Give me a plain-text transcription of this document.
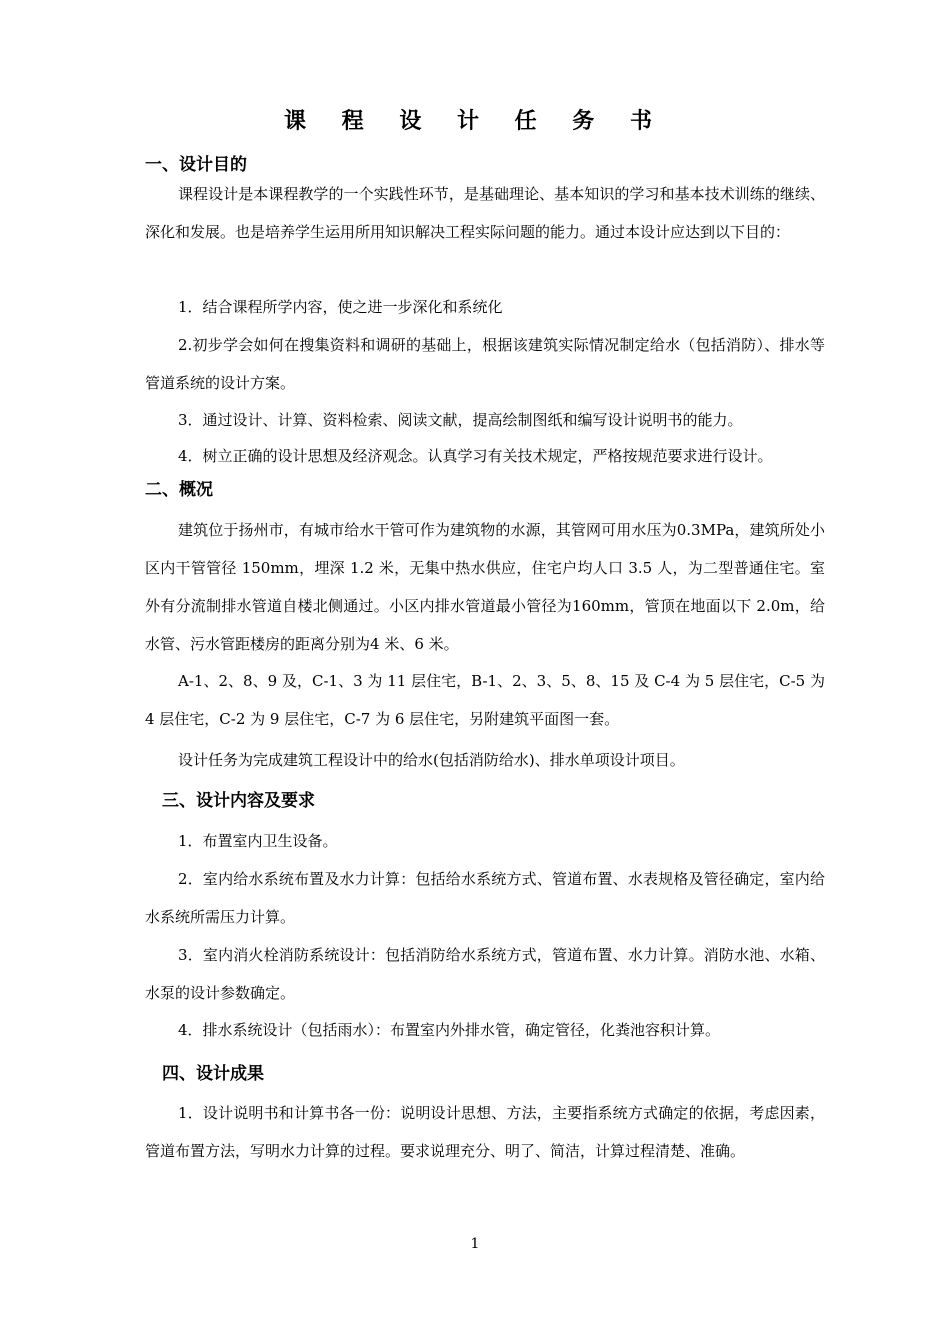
课 程 设 计 任 务 书
一、设计目的
课程设计是本课程教学的一个实践性环节，是基础理论、基本知识的学习和基本技术训练的继续、深化和发展。也是培养学生运用所用知识解决工程实际问题的能力。通过本设计应达到以下目的：
1．结合课程所学内容，使之进一步深化和系统化
2.初步学会如何在搜集资料和调研的基础上，根据该建筑实际情况制定给水（包括消防）、排水等管道系统的设计方案。
3．通过设计、计算、资料检索、阅读文献，提高绘制图纸和编写设计说明书的能力。
4．树立正确的设计思想及经济观念。认真学习有关技术规定，严格按规范要求进行设计。
二、概况
建筑位于扬州市，有城市给水干管可作为建筑物的水源，其管网可用水压为0.3MPa，建筑所处小区内干管管径 150mm，埋深 1.2 米，无集中热水供应，住宅户均人口 3.5 人，为二型普通住宅。室外有分流制排水管道自楼北侧通过。小区内排水管道最小管径为160mm，管顶在地面以下 2.0m，给水管、污水管距楼房的距离分别为4 米、6 米。
A-1、2、8、9 及，C-1、3 为 11 层住宅，B-1、2、3、5、8、15 及 C-4 为 5 层住宅，C-5 为 4 层住宅，C-2 为 9 层住宅，C-7 为 6 层住宅，另附建筑平面图一套。
设计任务为完成建筑工程设计中的给水(包括消防给水)、排水单项设计项目。
三、设计内容及要求
1．布置室内卫生设备。
2．室内给水系统布置及水力计算：包括给水系统方式、管道布置、水表规格及管径确定，室内给水系统所需压力计算。
3．室内消火栓消防系统设计：包括消防给水系统方式，管道布置、水力计算。消防水池、水箱、水泵的设计参数确定。
4．排水系统设计（包括雨水）：布置室内外排水管，确定管径，化粪池容积计算。
四、设计成果
1．设计说明书和计算书各一份：说明设计思想、方法，主要指系统方式确定的依据，考虑因素，管道布置方法，写明水力计算的过程。要求说理充分、明了、简洁，计算过程清楚、准确。
1
